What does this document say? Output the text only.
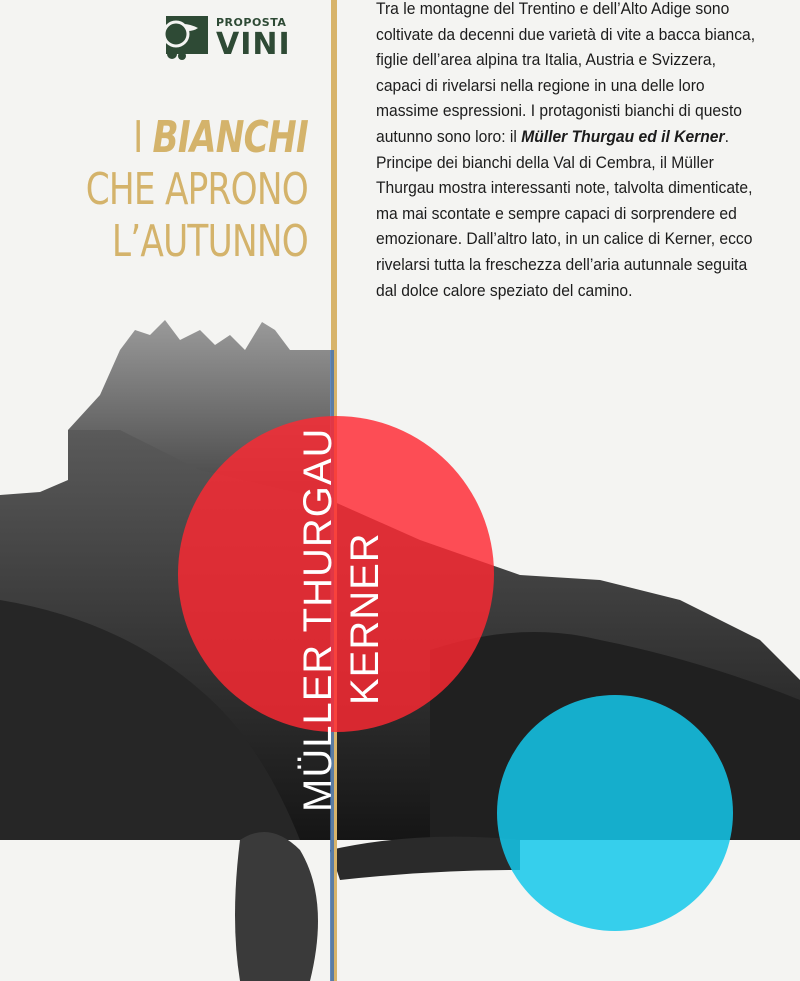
PROPOSTA
VINI
I BIANCHI
CHE APRONO
L’AUTUNNO
Tra le montagne del Trentino e dell’Alto Adige sono coltivate da decenni due varietà di vite a bacca bianca, figlie dell’area alpina tra Italia, Austria e Svizzera, capaci di rivelarsi nella regione in una delle loro massime espressioni. I protagonisti bianchi di questo autunno sono loro: il Müller Thurgau ed il Kerner. Principe dei bianchi della Val di Cembra, il Müller Thurgau mostra interessanti note, talvolta dimenticate, ma mai scontate e sempre capaci di sorprendere ed emozionare. Dall’altro lato, in un calice di Kerner, ecco rivelarsi tutta la freschezza dell’aria autunnale seguita dal dolce calore speziato del camino.
MÜLLER THURGAU KERNER
